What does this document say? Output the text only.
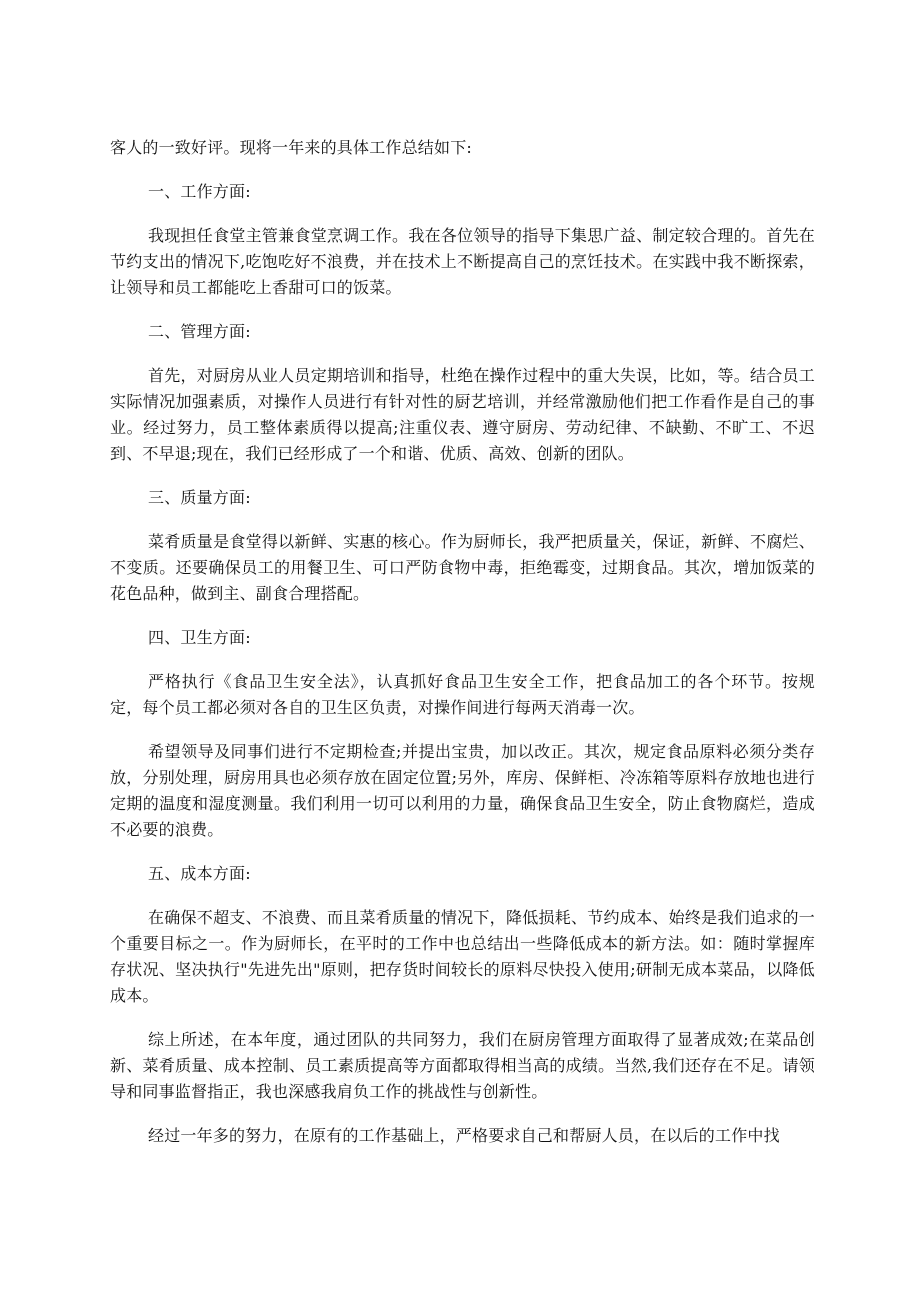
客人的一致好评。现将一年来的具体工作总结如下:

一、工作方面:

我现担任食堂主管兼食堂烹调工作。我在各位领导的指导下集思广益、制定较合理的。首先在节约支出的情况下,吃饱吃好不浪费，并在技术上不断提高自己的烹饪技术。在实践中我不断探索，让领导和员工都能吃上香甜可口的饭菜。

二、管理方面:

首先，对厨房从业人员定期培训和指导，杜绝在操作过程中的重大失误，比如，等。结合员工实际情况加强素质，对操作人员进行有针对性的厨艺培训，并经常激励他们把工作看作是自己的事业。经过努力，员工整体素质得以提高;注重仪表、遵守厨房、劳动纪律、不缺勤、不旷工、不迟到、不早退;现在，我们已经形成了一个和谐、优质、高效、创新的团队。

三、质量方面:

菜肴质量是食堂得以新鲜、实惠的核心。作为厨师长，我严把质量关，保证，新鲜、不腐烂、不变质。还要确保员工的用餐卫生、可口严防食物中毒，拒绝霉变，过期食品。其次，增加饭菜的花色品种，做到主、副食合理搭配。

四、卫生方面:

严格执行《食品卫生安全法》，认真抓好食品卫生安全工作，把食品加工的各个环节。按规定，每个员工都必须对各自的卫生区负责，对操作间进行每两天消毒一次。

希望领导及同事们进行不定期检查;并提出宝贵，加以改正。其次，规定食品原料必须分类存放，分别处理，厨房用具也必须存放在固定位置;另外，库房、保鲜柜、冷冻箱等原料存放地也进行定期的温度和湿度测量。我们利用一切可以利用的力量，确保食品卫生安全，防止食物腐烂，造成不必要的浪费。

五、成本方面:

在确保不超支、不浪费、而且菜肴质量的情况下，降低损耗、节约成本、始终是我们追求的一个重要目标之一。作为厨师长，在平时的工作中也总结出一些降低成本的新方法。如：随时掌握库存状况、坚决执行"先进先出"原则，把存货时间较长的原料尽快投入使用;研制无成本菜品，以降低成本。

综上所述，在本年度，通过团队的共同努力，我们在厨房管理方面取得了显著成效;在菜品创新、菜肴质量、成本控制、员工素质提高等方面都取得相当高的成绩。当然,我们还存在不足。请领导和同事监督指正，我也深感我肩负工作的挑战性与创新性。

经过一年多的努力，在原有的工作基础上，严格要求自己和帮厨人员，在以后的工作中找
